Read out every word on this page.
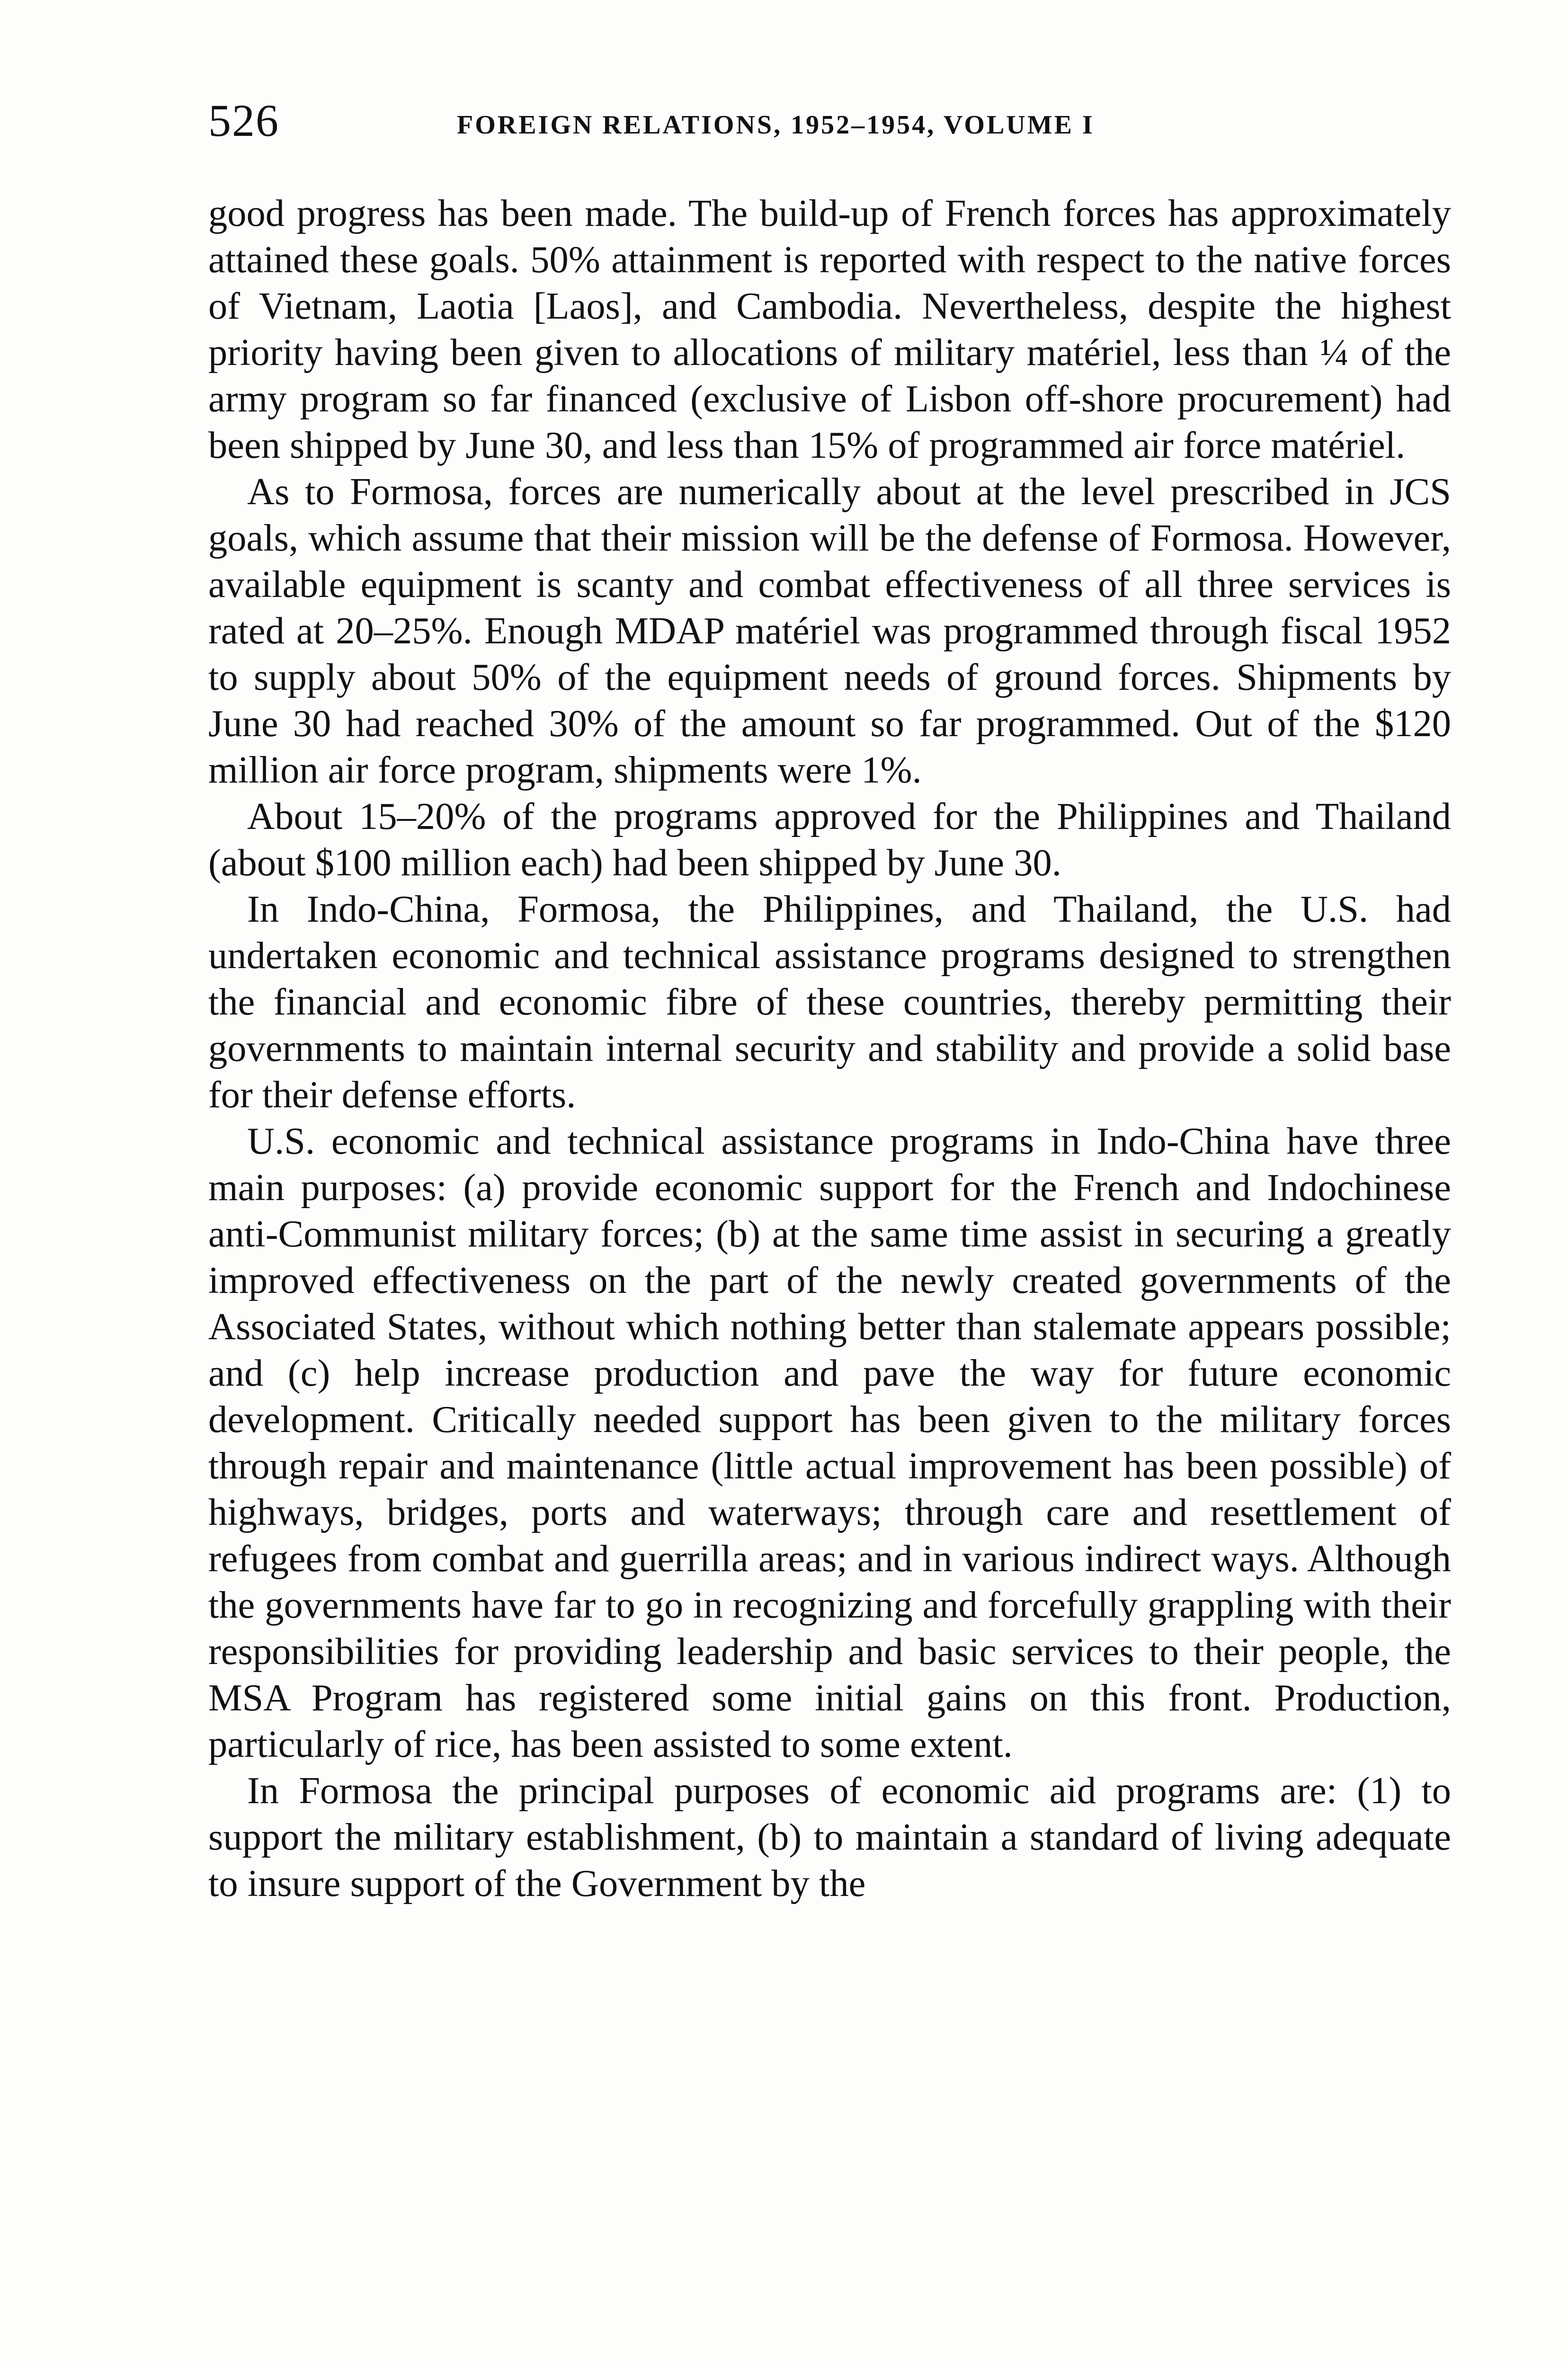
526	FOREIGN RELATIONS, 1952–1954, VOLUME I

good progress has been made. The build-up of French forces has approximately attained these goals. 50% attainment is reported with respect to the native forces of Vietnam, Laotia [Laos], and Cambodia. Nevertheless, despite the highest priority having been given to allocations of military matériel, less than ¼ of the army program so far financed (exclusive of Lisbon off-shore procurement) had been shipped by June 30, and less than 15% of programmed air force matériel.

As to Formosa, forces are numerically about at the level prescribed in JCS goals, which assume that their mission will be the defense of Formosa. However, available equipment is scanty and combat effectiveness of all three services is rated at 20–25%. Enough MDAP matériel was programmed through fiscal 1952 to supply about 50% of the equipment needs of ground forces. Shipments by June 30 had reached 30% of the amount so far programmed. Out of the $120 million air force program, shipments were 1%.

About 15–20% of the programs approved for the Philippines and Thailand (about $100 million each) had been shipped by June 30.

In Indo-China, Formosa, the Philippines, and Thailand, the U.S. had undertaken economic and technical assistance programs designed to strengthen the financial and economic fibre of these countries, thereby permitting their governments to maintain internal security and stability and provide a solid base for their defense efforts.

U.S. economic and technical assistance programs in Indo-China have three main purposes: (a) provide economic support for the French and Indochinese anti-Communist military forces; (b) at the same time assist in securing a greatly improved effectiveness on the part of the newly created governments of the Associated States, without which nothing better than stalemate appears possible; and (c) help increase production and pave the way for future economic development. Critically needed support has been given to the military forces through repair and maintenance (little actual improvement has been possible) of highways, bridges, ports and waterways; through care and resettlement of refugees from combat and guerrilla areas; and in various indirect ways. Although the governments have far to go in recognizing and forcefully grappling with their responsibilities for providing leadership and basic services to their people, the MSA Program has registered some initial gains on this front. Production, particularly of rice, has been assisted to some extent.

In Formosa the principal purposes of economic aid programs are: (1) to support the military establishment, (b) to maintain a standard of living adequate to insure support of the Government by the
